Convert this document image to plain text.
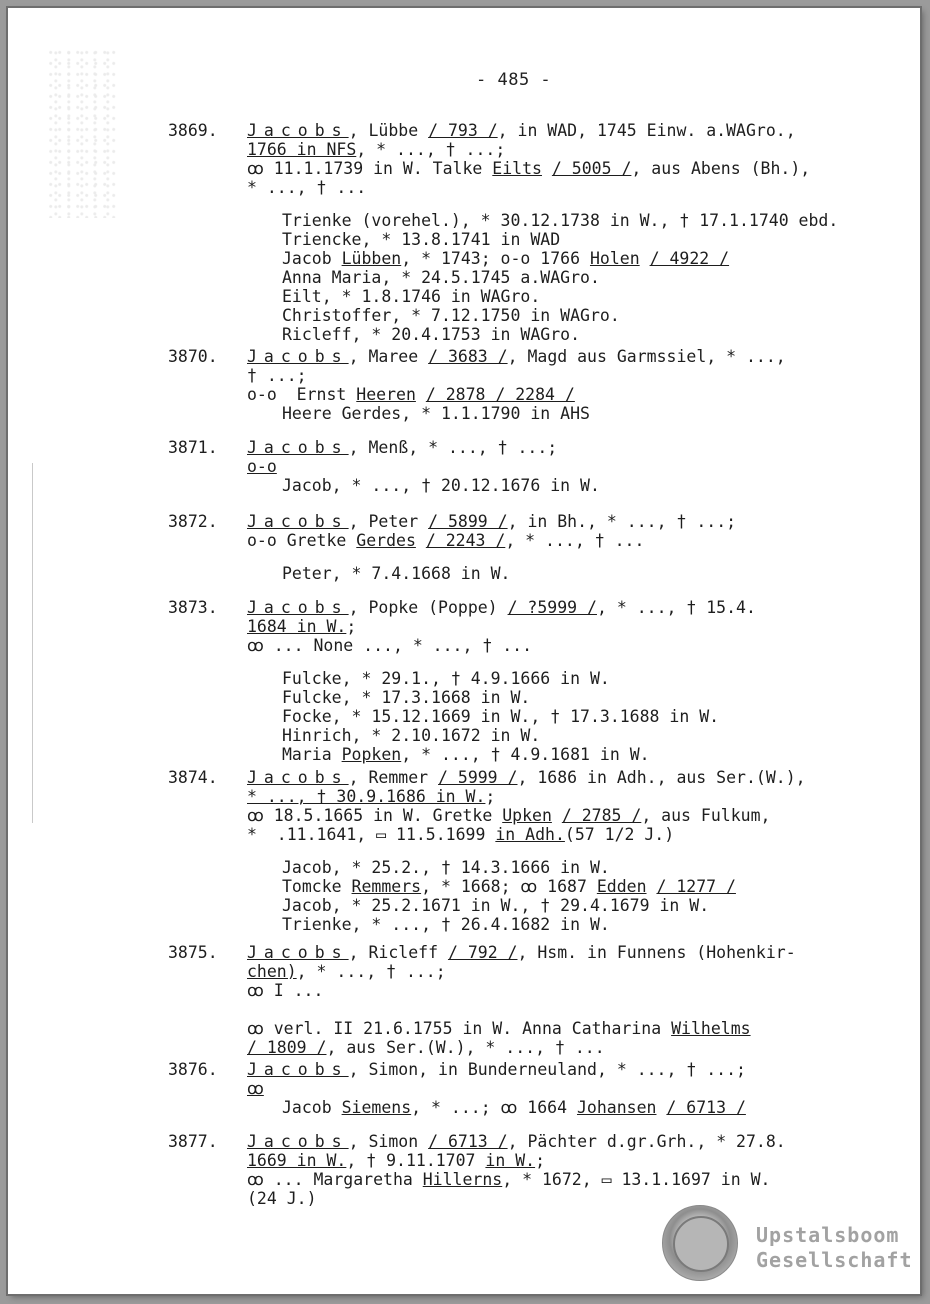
- 485 -
3869.	Jacobs, Lübbe / 793 /, in WAD, 1745 Einw. a.WAGro.,
1766 in NFS, * ..., † ...;
ꝏ 11.1.1739 in W. Talke Eilts / 5005 /, aus Abens (Bh.),
* ..., † ...
Trienke (vorehel.), * 30.12.1738 in W., † 17.1.1740 ebd.
Triencke, * 13.8.1741 in WAD
Jacob Lübben, * 1743; o-o 1766 Holen / 4922 /
Anna Maria, * 24.5.1745 a.WAGro.
Eilt, * 1.8.1746 in WAGro.
Christoffer, * 7.12.1750 in WAGro.
Ricleff, * 20.4.1753 in WAGro.
3870.	Jacobs, Maree / 3683 /, Magd aus Garmssiel, * ...,
† ...;
o-o  Ernst Heeren / 2878 / 2284 /
Heere Gerdes, * 1.1.1790 in AHS
3871.	Jacobs, Menß, * ..., † ...;
o-o
Jacob, * ..., † 20.12.1676 in W.
3872.	Jacobs, Peter / 5899 /, in Bh., * ..., † ...;
o-o Gretke Gerdes / 2243 /, * ..., † ...
Peter, * 7.4.1668 in W.
3873.	Jacobs, Popke (Poppe) / ?5999 /, * ..., † 15.4.
1684 in W.;
ꝏ ... None ..., * ..., † ...
Fulcke, * 29.1., † 4.9.1666 in W.
Fulcke, * 17.3.1668 in W.
Focke, * 15.12.1669 in W., † 17.3.1688 in W.
Hinrich, * 2.10.1672 in W.
Maria Popken, * ..., † 4.9.1681 in W.
3874.	Jacobs, Remmer / 5999 /, 1686 in Adh., aus Ser.(W.),
* ..., † 30.9.1686 in W.;
ꝏ 18.5.1665 in W. Gretke Upken / 2785 /, aus Fulkum,
*  .11.1641, ▭ 11.5.1699 in Adh.(57 1/2 J.)
Jacob, * 25.2., † 14.3.1666 in W.
Tomcke Remmers, * 1668; ꝏ 1687 Edden / 1277 /
Jacob, * 25.2.1671 in W., † 29.4.1679 in W.
Trienke, * ..., † 26.4.1682 in W.
3875.	Jacobs, Ricleff / 792 /, Hsm. in Funnens (Hohenkir-
chen), * ..., † ...;
ꝏ I ...
ꝏ verl. II 21.6.1755 in W. Anna Catharina Wilhelms
/ 1809 /, aus Ser.(W.), * ..., † ...
3876.	Jacobs, Simon, in Bunderneuland, * ..., † ...;
ꝏ
Jacob Siemens, * ...; ꝏ 1664 Johansen / 6713 /
3877.	Jacobs, Simon / 6713 /, Pächter d.gr.Grh., * 27.8.
1669 in W., † 9.11.1707 in W.;
ꝏ ... Margaretha Hillerns, * 1672, ▭ 13.1.1697 in W.
(24 J.)
Upstalsboom
Gesellschaft
